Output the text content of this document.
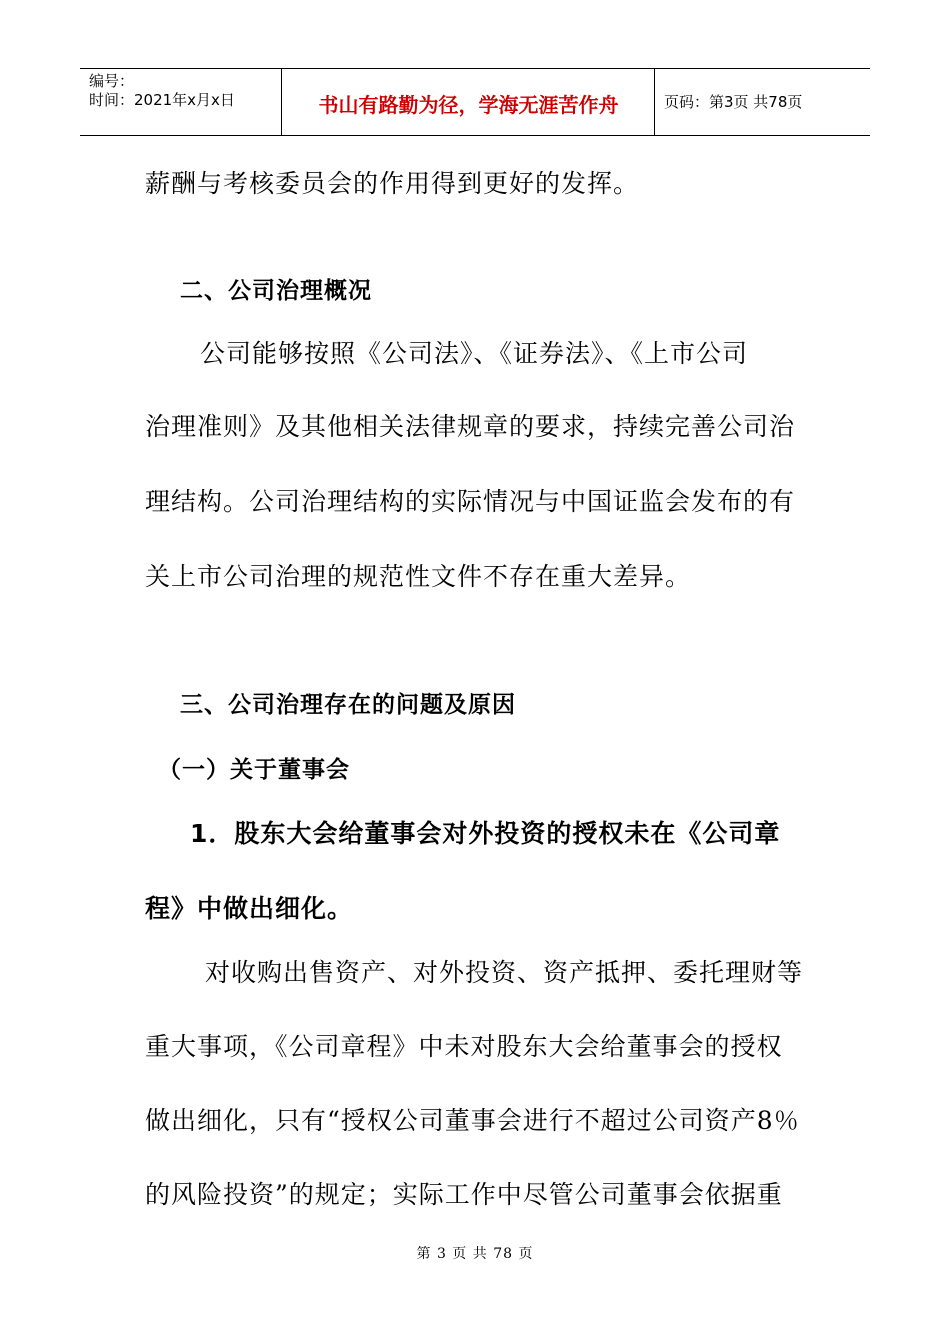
编号：
时间：2021年x月x日	书山有路勤为径，学海无涯苦作舟	页码：第3页 共78页
薪酬与考核委员会的作用得到更好的发挥。
二、公司治理概况
公司能够按照《公司法》、《证券法》、《上市公司
治理准则》及其他相关法律规章的要求，持续完善公司治
理结构。公司治理结构的实际情况与中国证监会发布的有
关上市公司治理的规范性文件不存在重大差异。
三、公司治理存在的问题及原因
（一）关于董事会
1．股东大会给董事会对外投资的授权未在《公司章
程》中做出细化。
对收购出售资产、对外投资、资产抵押、委托理财等
重大事项，《公司章程》中未对股东大会给董事会的授权
做出细化，只有“授权公司董事会进行不超过公司资产8％
的风险投资”的规定；实际工作中尽管公司董事会依据重
第 3 页 共 78 页
